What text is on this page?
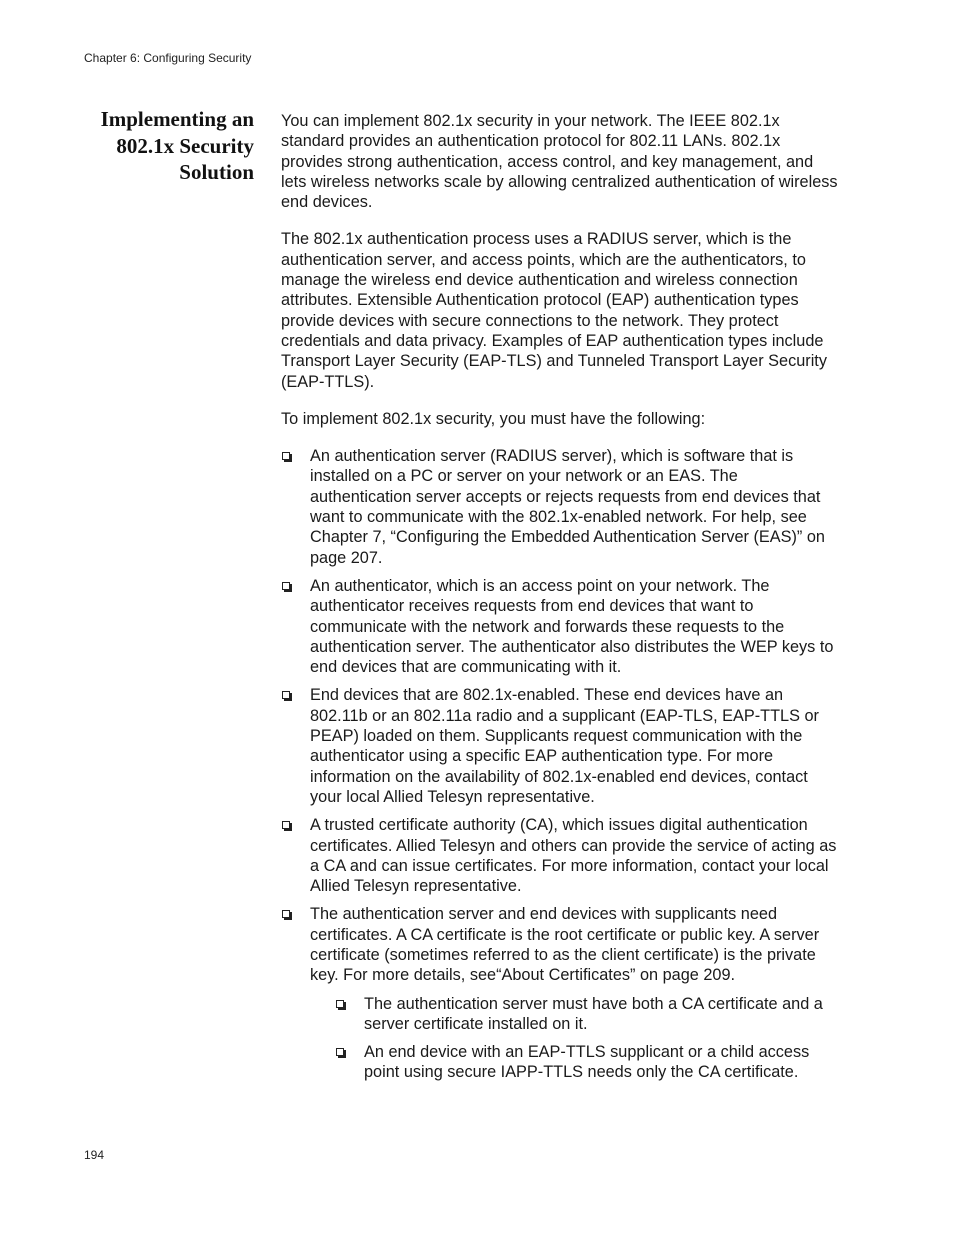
Chapter 6: Configuring Security
Implementing an
802.1x Security
Solution

You can implement 802.1x security in your network. The IEEE 802.1x standard provides an authentication protocol for 802.11 LANs. 802.1x provides strong authentication, access control, and key management, and lets wireless networks scale by allowing centralized authentication of wireless end devices.

The 802.1x authentication process uses a RADIUS server, which is the authentication server, and access points, which are the authenticators, to manage the wireless end device authentication and wireless connection attributes. Extensible Authentication protocol (EAP) authentication types provide devices with secure connections to the network. They protect credentials and data privacy. Examples of EAP authentication types include Transport Layer Security (EAP-TLS) and Tunneled Transport Layer Security (EAP-TTLS).

To implement 802.1x security, you must have the following:

An authentication server (RADIUS server), which is software that is installed on a PC or server on your network or an EAS. The authentication server accepts or rejects requests from end devices that want to communicate with the 802.1x-enabled network. For help, see Chapter 7, “Configuring the Embedded Authentication Server (EAS)” on page 207.
An authenticator, which is an access point on your network. The authenticator receives requests from end devices that want to communicate with the network and forwards these requests to the authentication server. The authenticator also distributes the WEP keys to end devices that are communicating with it.
End devices that are 802.1x-enabled. These end devices have an 802.11b or an 802.11a radio and a supplicant (EAP-TLS, EAP-TTLS or PEAP) loaded on them. Supplicants request communication with the authenticator using a specific EAP authentication type. For more information on the availability of 802.1x-enabled end devices, contact your local Allied Telesyn representative.
A trusted certificate authority (CA), which issues digital authentication certificates. Allied Telesyn and others can provide the service of acting as a CA and can issue certificates. For more information, contact your local Allied Telesyn representative.
The authentication server and end devices with supplicants need certificates. A CA certificate is the root certificate or public key. A server certificate (sometimes referred to as the client certificate) is the private key. For more details, see“About Certificates” on page 209.
The authentication server must have both a CA certificate and a server certificate installed on it.
An end device with an EAP-TTLS supplicant or a child access point using secure IAPP-TTLS needs only the CA certificate.
194
